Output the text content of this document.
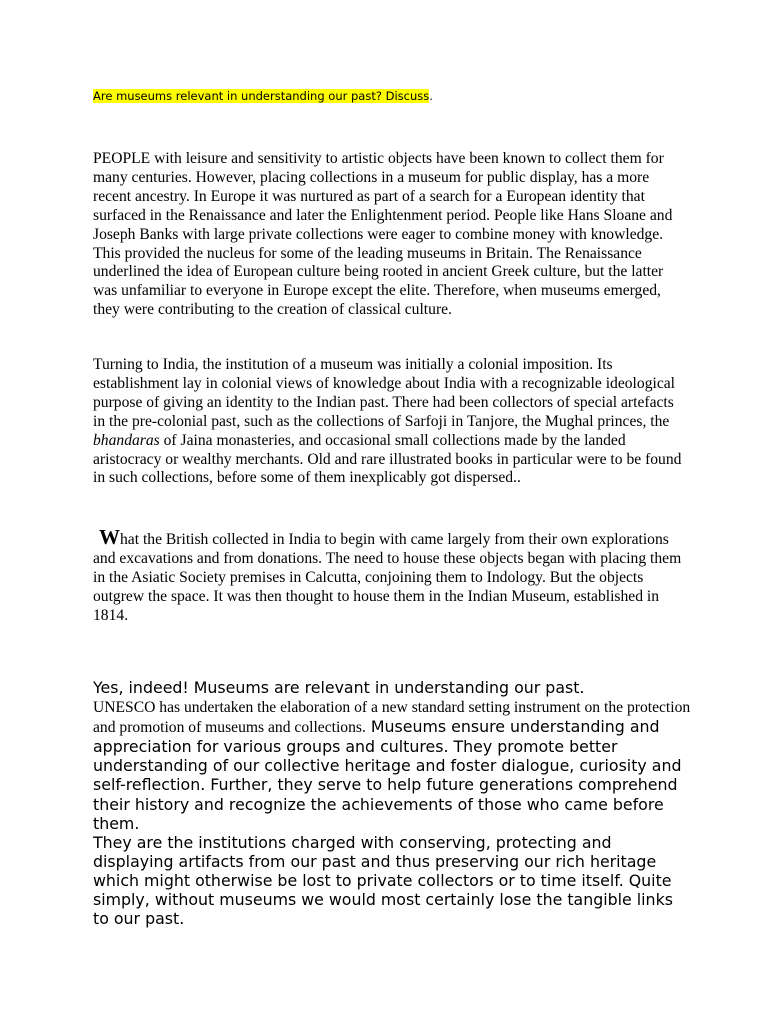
Are museums relevant in understanding our past? Discuss.

PEOPLE with leisure and sensitivity to artistic objects have been known to collect them for many centuries. However, placing collections in a museum for public display, has a more recent ancestry. In Europe it was nurtured as part of a search for a European identity that surfaced in the Renaissance and later the Enlightenment period. People like Hans Sloane and Joseph Banks with large private collections were eager to combine money with knowledge. This provided the nucleus for some of the leading museums in Britain. The Renaissance underlined the idea of European culture being rooted in ancient Greek culture, but the latter was unfamiliar to everyone in Europe except the elite. Therefore, when museums emerged, they were contributing to the creation of classical culture.

Turning to India, the institution of a museum was initially a colonial imposition. Its establishment lay in colonial views of knowledge about India with a recognizable ideological purpose of giving an identity to the Indian past. There had been collectors of special artefacts in the pre-colonial past, such as the collections of Sarfoji in Tanjore, the Mughal princes, the bhandaras of Jaina monasteries, and occasional small collections made by the landed aristocracy or wealthy merchants. Old and rare illustrated books in particular were to be found in such collections, before some of them inexplicably got dispersed..

What the British collected in India to begin with came largely from their own explorations and excavations and from donations. The need to house these objects began with placing them in the Asiatic Society premises in Calcutta, conjoining them to Indology. But the objects outgrew the space. It was then thought to house them in the Indian Museum, established in 1814.

Yes, indeed! Museums are relevant in understanding our past.
UNESCO has undertaken the elaboration of a new standard setting instrument on the protection and promotion of museums and collections. Museums ensure understanding and appreciation for various groups and cultures. They promote better understanding of our collective heritage and foster dialogue, curiosity and self-reflection. Further, they serve to help future generations comprehend their history and recognize the achievements of those who came before them.
They are the institutions charged with conserving, protecting and displaying artifacts from our past and thus preserving our rich heritage which might otherwise be lost to private collectors or to time itself. Quite simply, without museums we would most certainly lose the tangible links to our past.
